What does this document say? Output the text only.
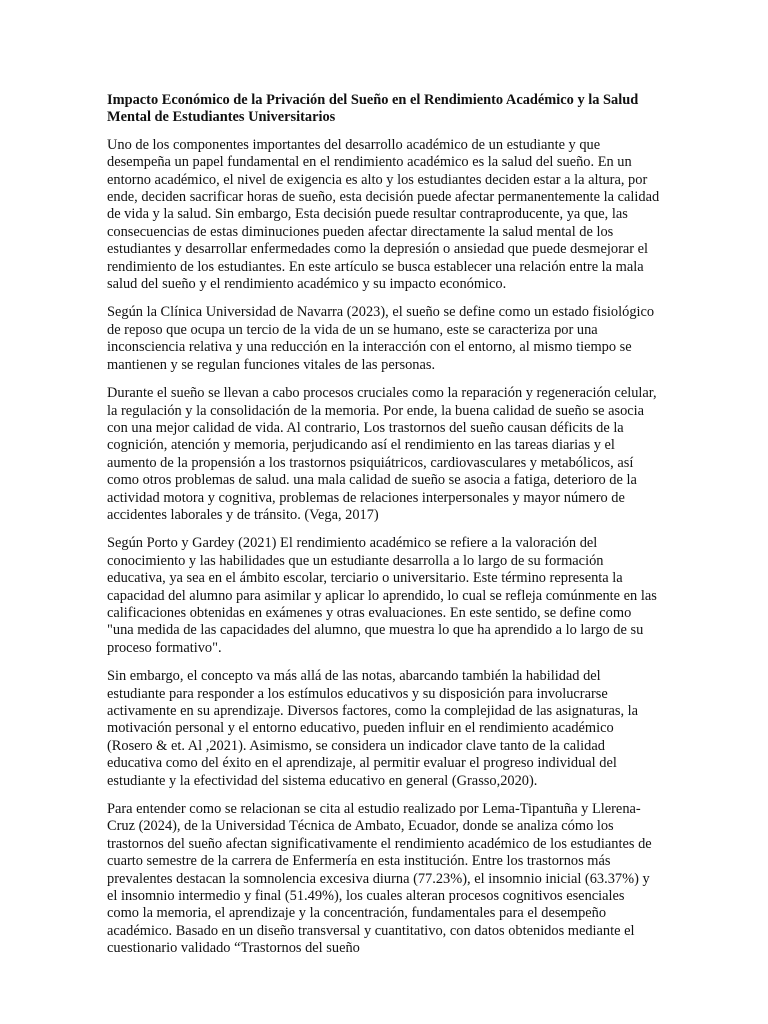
Impacto Económico de la Privación del Sueño en el Rendimiento Académico y la Salud Mental de Estudiantes Universitarios

Uno de los componentes importantes del desarrollo académico de un estudiante y que desempeña un papel fundamental en el rendimiento académico es la salud del sueño. En un entorno académico, el nivel de exigencia es alto y los estudiantes deciden estar a la altura, por ende, deciden sacrificar horas de sueño, esta decisión puede afectar permanentemente la calidad de vida y la salud. Sin embargo, Esta decisión puede resultar contraproducente, ya que, las consecuencias de estas diminuciones pueden afectar directamente la salud mental de los estudiantes y desarrollar enfermedades como la depresión o ansiedad que puede desmejorar el rendimiento de los estudiantes. En este artículo se busca establecer una relación entre la mala salud del sueño y el rendimiento académico y su impacto económico.

Según la Clínica Universidad de Navarra (2023), el sueño se define como un estado fisiológico de reposo que ocupa un tercio de la vida de un se humano, este se caracteriza por una inconsciencia relativa y una reducción en la interacción con el entorno, al mismo tiempo se mantienen y se regulan funciones vitales de las personas.

Durante el sueño se llevan a cabo procesos cruciales como la reparación y regeneración celular, la regulación y la consolidación de la memoria. Por ende, la buena calidad de sueño se asocia con una mejor calidad de vida. Al contrario, Los trastornos del sueño causan déficits de la cognición, atención y memoria, perjudicando así el rendimiento en las tareas diarias y el aumento de la propensión a los trastornos psiquiátricos, cardiovasculares y metabólicos, así como otros problemas de salud. una mala calidad de sueño se asocia a fatiga, deterioro de la actividad motora y cognitiva, problemas de relaciones interpersonales y mayor número de accidentes laborales y de tránsito. (Vega, 2017)

Según Porto y Gardey (2021) El rendimiento académico se refiere a la valoración del conocimiento y las habilidades que un estudiante desarrolla a lo largo de su formación educativa, ya sea en el ámbito escolar, terciario o universitario. Este término representa la capacidad del alumno para asimilar y aplicar lo aprendido, lo cual se refleja comúnmente en las calificaciones obtenidas en exámenes y otras evaluaciones. En este sentido, se define como "una medida de las capacidades del alumno, que muestra lo que ha aprendido a lo largo de su proceso formativo".

Sin embargo, el concepto va más allá de las notas, abarcando también la habilidad del estudiante para responder a los estímulos educativos y su disposición para involucrarse activamente en su aprendizaje. Diversos factores, como la complejidad de las asignaturas, la motivación personal y el entorno educativo, pueden influir en el rendimiento académico (Rosero & et. Al ,2021). Asimismo, se considera un indicador clave tanto de la calidad educativa como del éxito en el aprendizaje, al permitir evaluar el progreso individual del estudiante y la efectividad del sistema educativo en general (Grasso,2020).

Para entender como se relacionan se cita al estudio realizado por Lema-Tipantuña y Llerena-Cruz (2024), de la Universidad Técnica de Ambato, Ecuador, donde se analiza cómo los trastornos del sueño afectan significativamente el rendimiento académico de los estudiantes de cuarto semestre de la carrera de Enfermería en esta institución. Entre los trastornos más prevalentes destacan la somnolencia excesiva diurna (77.23%), el insomnio inicial (63.37%) y el insomnio intermedio y final (51.49%), los cuales alteran procesos cognitivos esenciales como la memoria, el aprendizaje y la concentración, fundamentales para el desempeño académico. Basado en un diseño transversal y cuantitativo, con datos obtenidos mediante el cuestionario validado “Trastornos del sueño
